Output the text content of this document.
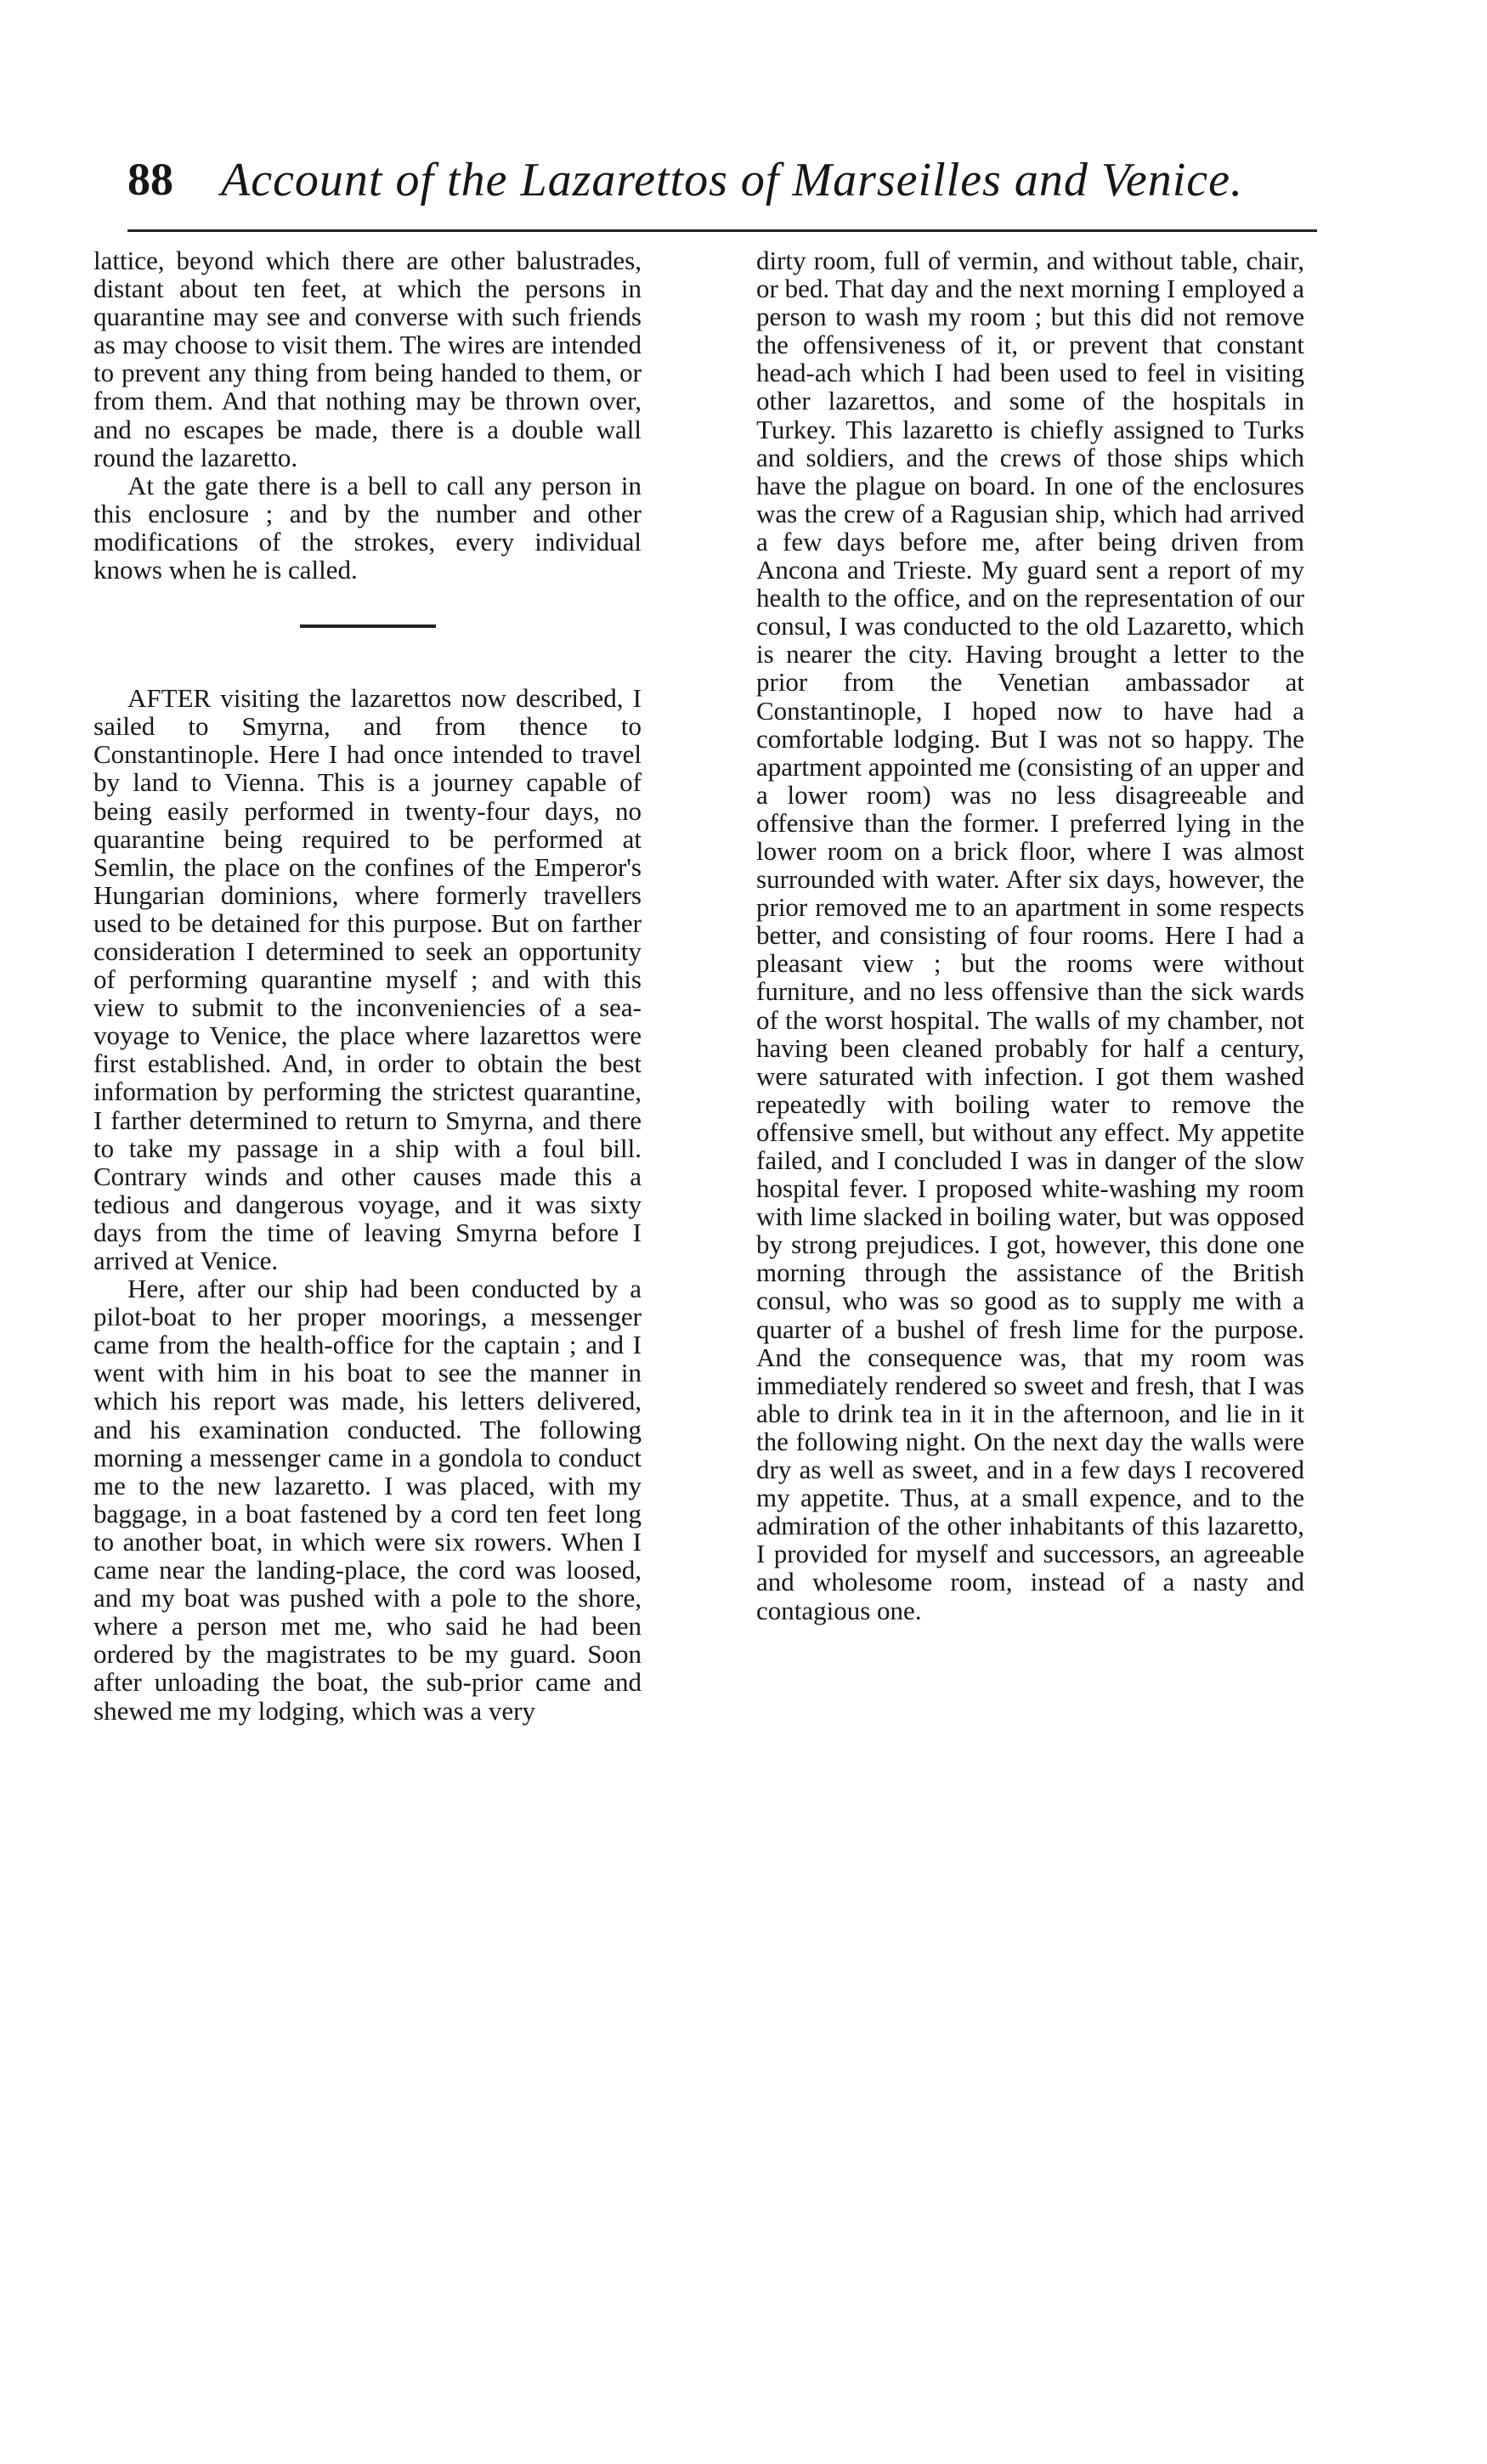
88 Account of the Lazarettos of Marseilles and Venice.

lattice, beyond which there are other balustrades, distant about ten feet, at which the persons in quarantine may see and converse with such friends as may choose to visit them. The wires are intended to prevent any thing from being handed to them, or from them. And that nothing may be thrown over, and no escapes be made, there is a double wall round the lazaretto.

At the gate there is a bell to call any person in this enclosure ; and by the number and other modifications of the strokes, every individual knows when he is called.

AFTER visiting the lazarettos now described, I sailed to Smyrna, and from thence to Constantinople. Here I had once intended to travel by land to Vienna. This is a journey capable of being easily performed in twenty-four days, no quarantine being required to be performed at Semlin, the place on the confines of the Emperor's Hungarian dominions, where formerly travellers used to be detained for this purpose. But on farther consideration I determined to seek an opportunity of performing quarantine myself ; and with this view to submit to the inconveniencies of a sea-voyage to Venice, the place where lazarettos were first established. And, in order to obtain the best information by performing the strictest quarantine, I farther determined to return to Smyrna, and there to take my passage in a ship with a foul bill. Contrary winds and other causes made this a tedious and dangerous voyage, and it was sixty days from the time of leaving Smyrna before I arrived at Venice.

Here, after our ship had been conducted by a pilot-boat to her proper moorings, a messenger came from the health-office for the captain ; and I went with him in his boat to see the manner in which his report was made, his letters delivered, and his examination conducted. The following morning a messenger came in a gondola to conduct me to the new lazaretto. I was placed, with my baggage, in a boat fastened by a cord ten feet long to another boat, in which were six rowers. When I came near the landing-place, the cord was loosed, and my boat was pushed with a pole to the shore, where a person met me, who said he had been ordered by the magistrates to be my guard. Soon after unloading the boat, the sub-prior came and shewed me my lodging, which was a very

dirty room, full of vermin, and without table, chair, or bed. That day and the next morning I employed a person to wash my room ; but this did not remove the offensiveness of it, or prevent that constant head-ach which I had been used to feel in visiting other lazarettos, and some of the hospitals in Turkey. This lazaretto is chiefly assigned to Turks and soldiers, and the crews of those ships which have the plague on board. In one of the enclosures was the crew of a Ragusian ship, which had arrived a few days before me, after being driven from Ancona and Trieste. My guard sent a report of my health to the office, and on the representation of our consul, I was conducted to the old Lazaretto, which is nearer the city. Having brought a letter to the prior from the Venetian ambassador at Constantinople, I hoped now to have had a comfortable lodging. But I was not so happy. The apartment appointed me (consisting of an upper and a lower room) was no less disagreeable and offensive than the former. I preferred lying in the lower room on a brick floor, where I was almost surrounded with water. After six days, however, the prior removed me to an apartment in some respects better, and consisting of four rooms. Here I had a pleasant view ; but the rooms were without furniture, and no less offensive than the sick wards of the worst hospital. The walls of my chamber, not having been cleaned probably for half a century, were saturated with infection. I got them washed repeatedly with boiling water to remove the offensive smell, but without any effect. My appetite failed, and I concluded I was in danger of the slow hospital fever. I proposed white-washing my room with lime slacked in boiling water, but was opposed by strong prejudices. I got, however, this done one morning through the assistance of the British consul, who was so good as to supply me with a quarter of a bushel of fresh lime for the purpose. And the consequence was, that my room was immediately rendered so sweet and fresh, that I was able to drink tea in it in the afternoon, and lie in it the following night. On the next day the walls were dry as well as sweet, and in a few days I recovered my appetite. Thus, at a small expence, and to the admiration of the other inhabitants of this lazaretto, I provided for myself and successors, an agreeable and wholesome room, instead of a nasty and contagious one.
